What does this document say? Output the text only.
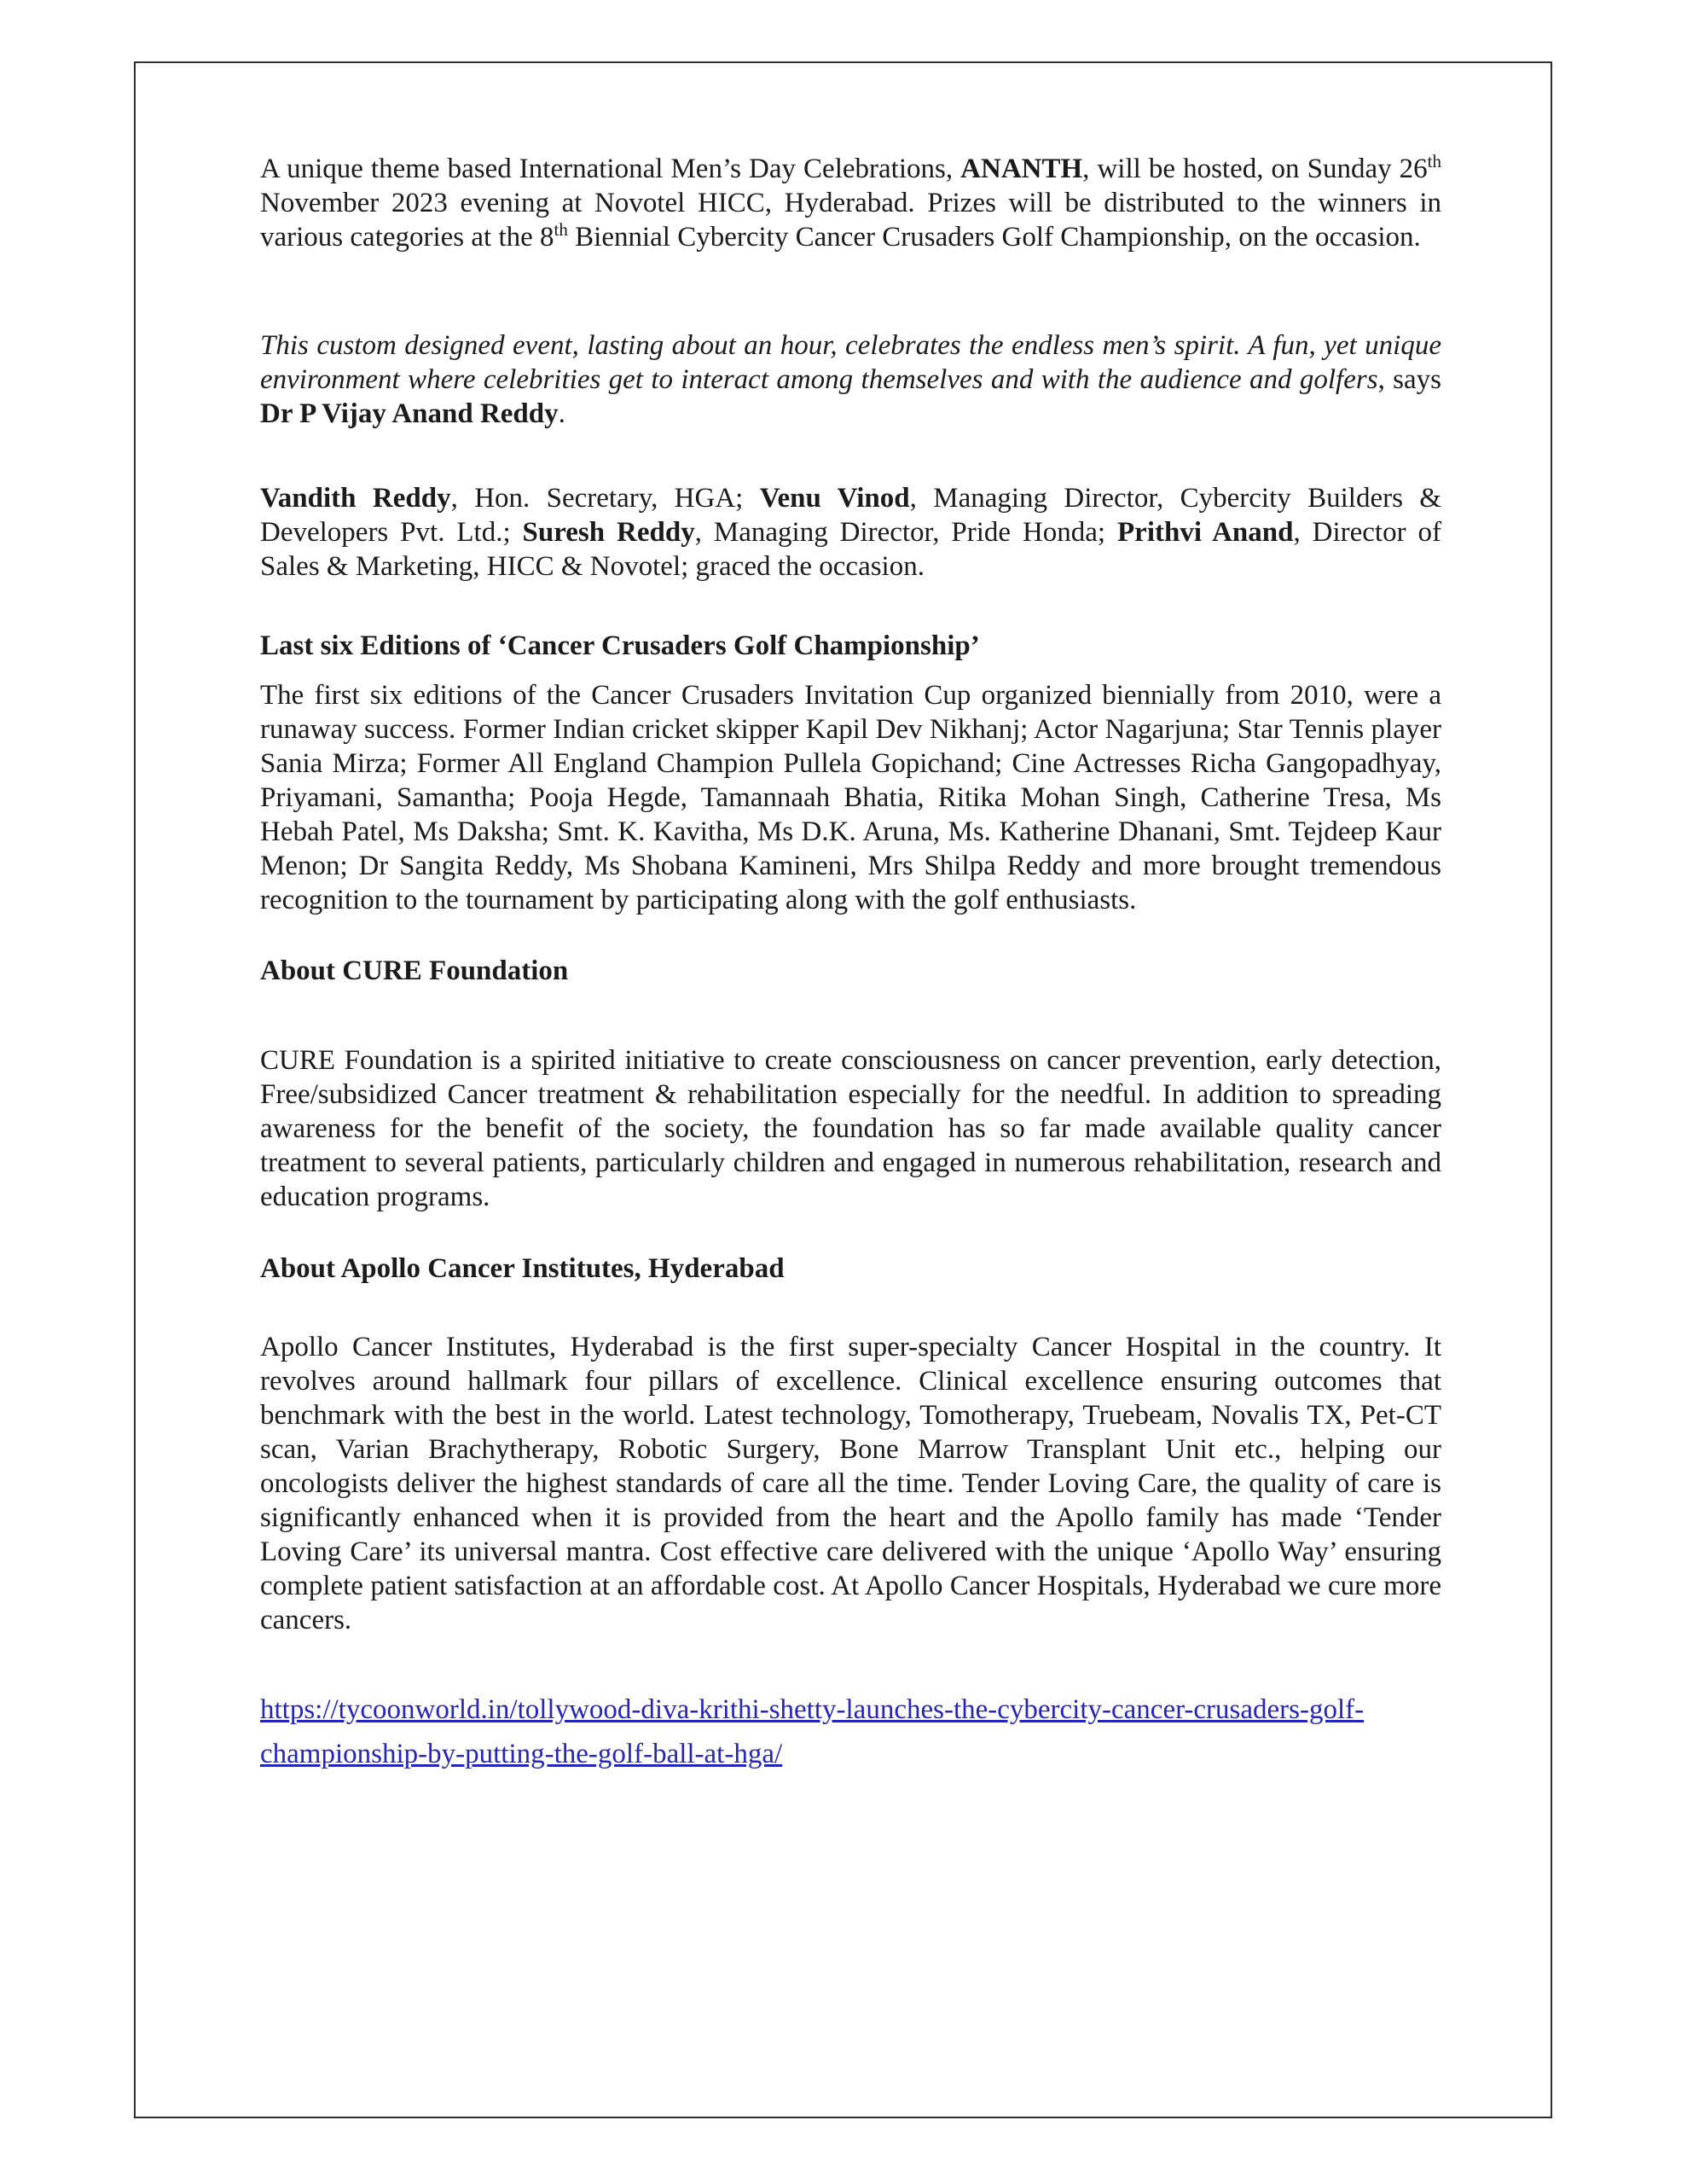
A unique theme based International Men’s Day Celebrations, ANANTH, will be hosted, on Sunday 26th November 2023 evening at Novotel HICC, Hyderabad. Prizes will be distributed to the winners in various categories at the 8th Biennial Cybercity Cancer Crusaders Golf Championship, on the occasion.

This custom designed event, lasting about an hour, celebrates the endless men’s spirit. A fun, yet unique environment where celebrities get to interact among themselves and with the audience and golfers, says Dr P Vijay Anand Reddy.

Vandith Reddy, Hon. Secretary, HGA; Venu Vinod, Managing Director, Cybercity Builders & Developers Pvt. Ltd.; Suresh Reddy, Managing Director, Pride Honda; Prithvi Anand, Director of Sales & Marketing, HICC & Novotel; graced the occasion.

Last six Editions of ‘Cancer Crusaders Golf Championship’

The first six editions of the Cancer Crusaders Invitation Cup organized biennially from 2010, were a runaway success. Former Indian cricket skipper Kapil Dev Nikhanj; Actor Nagarjuna; Star Tennis player Sania Mirza; Former All England Champion Pullela Gopichand; Cine Actresses Richa Gangopadhyay, Priyamani, Samantha; Pooja Hegde, Tamannaah Bhatia, Ritika Mohan Singh, Catherine Tresa, Ms Hebah Patel, Ms Daksha; Smt. K. Kavitha, Ms D.K. Aruna, Ms. Katherine Dhanani, Smt. Tejdeep Kaur Menon; Dr Sangita Reddy, Ms Shobana Kamineni, Mrs Shilpa Reddy and more brought tremendous recognition to the tournament by participating along with the golf enthusiasts.

About CURE Foundation

CURE Foundation is a spirited initiative to create consciousness on cancer prevention, early detection, Free/subsidized Cancer treatment & rehabilitation especially for the needful. In addition to spreading awareness for the benefit of the society, the foundation has so far made available quality cancer treatment to several patients, particularly children and engaged in numerous rehabilitation, research and education programs.

About Apollo Cancer Institutes, Hyderabad

Apollo Cancer Institutes, Hyderabad is the first super-specialty Cancer Hospital in the country. It revolves around hallmark four pillars of excellence. Clinical excellence ensuring outcomes that benchmark with the best in the world. Latest technology, Tomotherapy, Truebeam, Novalis TX, Pet-CT scan, Varian Brachytherapy, Robotic Surgery, Bone Marrow Transplant Unit etc., helping our oncologists deliver the highest standards of care all the time. Tender Loving Care, the quality of care is significantly enhanced when it is provided from the heart and the Apollo family has made ‘Tender Loving Care’ its universal mantra. Cost effective care delivered with the unique ‘Apollo Way’ ensuring complete patient satisfaction at an affordable cost. At Apollo Cancer Hospitals, Hyderabad we cure more cancers.

https://tycoonworld.in/tollywood-diva-krithi-shetty-launches-the-cybercity-cancer-crusaders-golf-championship-by-putting-the-golf-ball-at-hga/
